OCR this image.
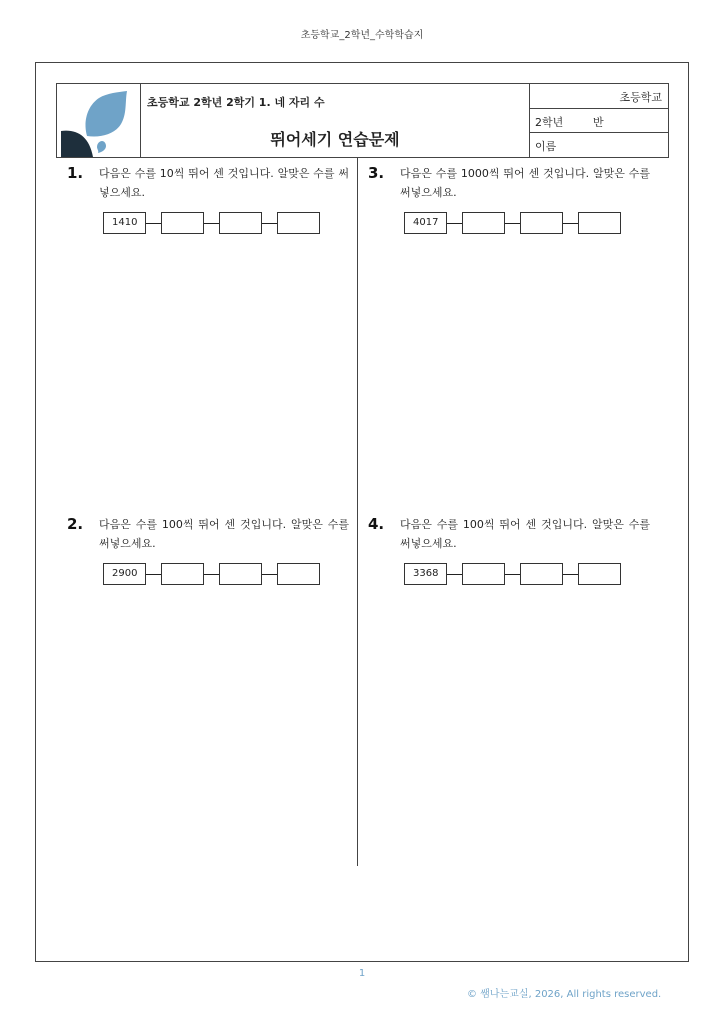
초등학교_2학년_수학학습지
초등학교 2학년 2학기 1. 네 자리 수
뛰어세기 연습문제
초등학교
2학년	반
이름
1. 다음은 수를 10씩 뛰어 센 것입니다. 알맞은 수를 써넣으세요.
1410
2. 다음은 수를 100씩 뛰어 센 것입니다. 알맞은 수를 써넣으세요.
2900
3. 다음은 수를 1000씩 뛰어 센 것입니다. 알맞은 수를 써넣으세요.
4017
4. 다음은 수를 100씩 뛰어 센 것입니다. 알맞은 수를 써넣으세요.
3368
1
© 쌤나는교실, 2026, All rights reserved.
